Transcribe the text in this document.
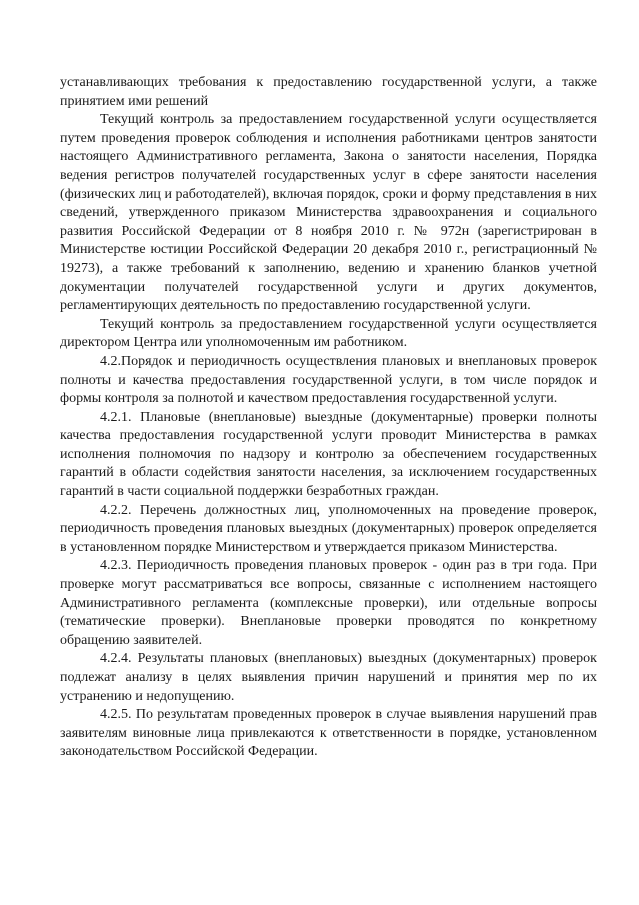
устанавливающих требования к предоставлению государственной услуги, а также принятием ими решений

Текущий контроль за предоставлением государственной услуги осуществляется путем проведения проверок соблюдения и исполнения работниками центров занятости настоящего Административного регламента, Закона о занятости населения, Порядка ведения регистров получателей государственных услуг в сфере занятости населения (физических лиц и работодателей), включая порядок, сроки и форму представления в них сведений, утвержденного приказом Министерства здравоохранения и социального развития Российской Федерации от 8 ноября 2010 г. № 972н (зарегистрирован в Министерстве юстиции Российской Федерации 20 декабря 2010 г., регистрационный № 19273), а также требований к заполнению, ведению и хранению бланков учетной документации получателей государственной услуги и других документов, регламентирующих деятельность по предоставлению государственной услуги.

Текущий контроль за предоставлением государственной услуги осуществляется директором Центра или уполномоченным им работником.

4.2.Порядок и периодичность осуществления плановых и внеплановых проверок полноты и качества предоставления государственной услуги, в том числе порядок и формы контроля за полнотой и качеством предоставления государственной услуги.

4.2.1. Плановые (внеплановые) выездные (документарные) проверки полноты качества предоставления государственной услуги проводит Министерства в рамках исполнения полномочия по надзору и контролю за обеспечением государственных гарантий в области содействия занятости населения, за исключением государственных гарантий в части социальной поддержки безработных граждан.

4.2.2. Перечень должностных лиц, уполномоченных на проведение проверок, периодичность проведения плановых выездных (документарных) проверок определяется в установленном порядке Министерством и утверждается приказом Министерства.

4.2.3. Периодичность проведения плановых проверок - один раз в три года. При проверке могут рассматриваться все вопросы, связанные с исполнением настоящего Административного регламента (комплексные проверки), или отдельные вопросы (тематические проверки). Внеплановые проверки проводятся по конкретному обращению заявителей.

4.2.4. Результаты плановых (внеплановых) выездных (документарных) проверок подлежат анализу в целях выявления причин нарушений и принятия мер по их устранению и недопущению.

4.2.5. По результатам проведенных проверок в случае выявления нарушений прав заявителям виновные лица привлекаются к ответственности в порядке, установленном законодательством Российской Федерации.
